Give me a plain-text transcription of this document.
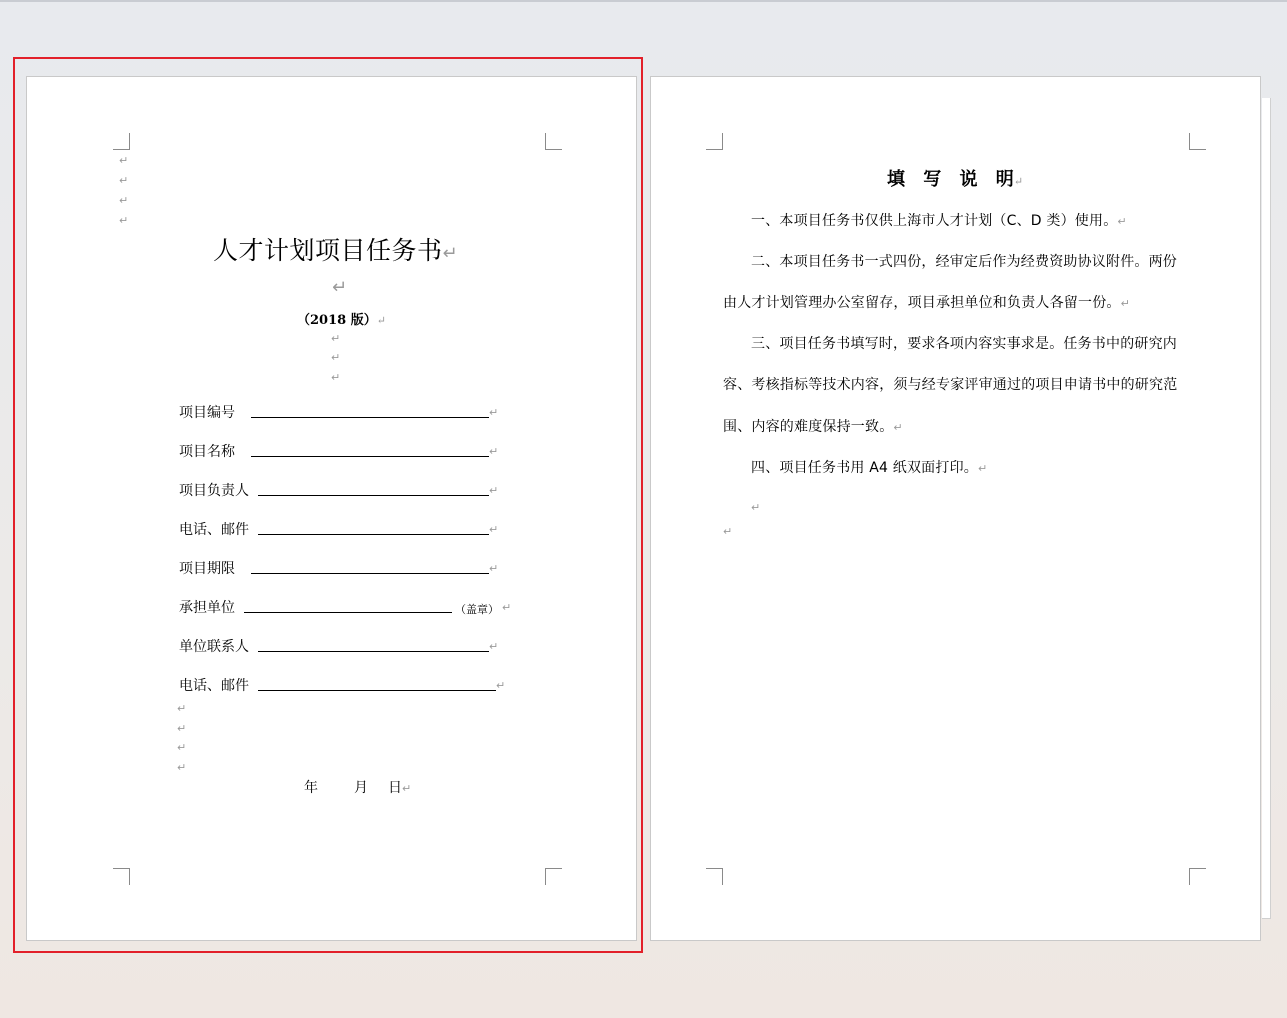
↵
↵
↵
↵
人才计划项目任务书↵
↵
（2018 版）↵
↵
↵
↵
项目编号	↵
项目名称	↵
项目负责人	↵
电话、邮件	↵
项目期限	↵
承担单位	（盖章） ↵
单位联系人	↵
电话、邮件	↵
↵
↵
↵
↵
年	月 日↵
填 写 说 明↵
一、本项目任务书仅供上海市人才计划（C、D 类）使用。↵
二、本项目任务书一式四份，经审定后作为经费资助协议附件。两份
由人才计划管理办公室留存，项目承担单位和负责人各留一份。↵
三、项目任务书填写时，要求各项内容实事求是。任务书中的研究内
容、考核指标等技术内容，须与经专家评审通过的项目申请书中的研究范
围、内容的难度保持一致。↵
四、项目任务书用 A4 纸双面打印。↵
↵
↵
